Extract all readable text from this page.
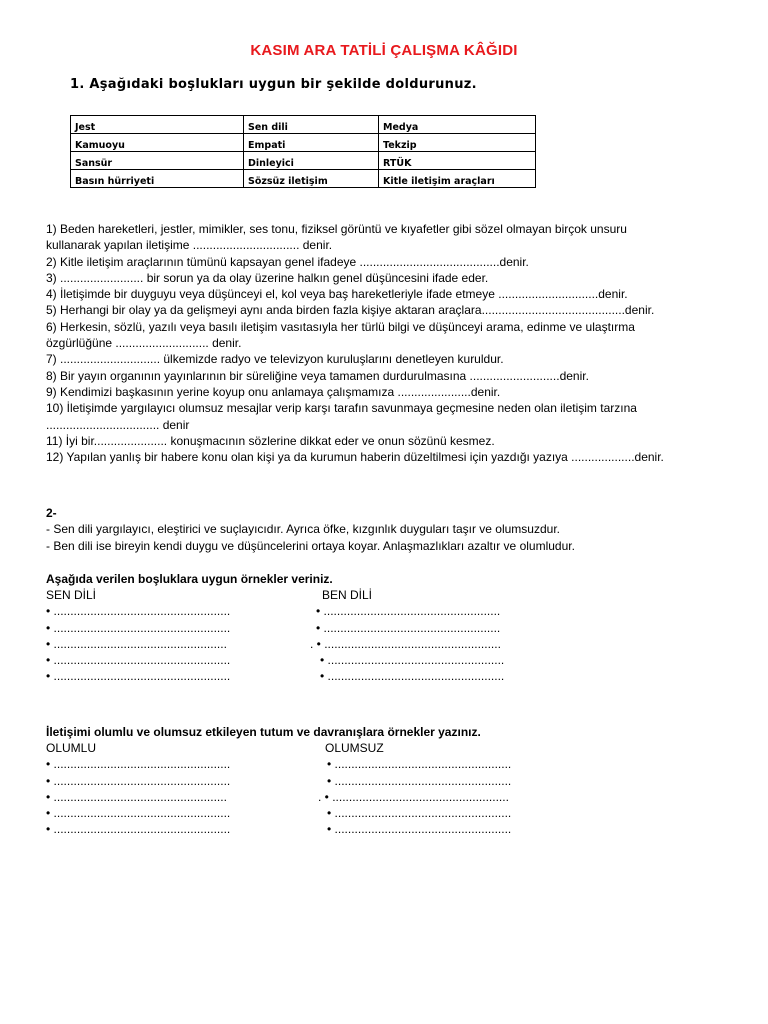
KASIM ARA TATİLİ ÇALIŞMA KÂĞIDI
1. Aşağıdaki boşlukları uygun bir şekilde doldurunuz.
Jest	Sen dili	Medya
Kamuoyu	Empati	Tekzip
Sansür	Dinleyici	RTÜK
Basın hürriyeti	Sözsüz iletişim	Kitle iletişim araçları
1) Beden hareketleri, jestler, mimikler, ses tonu, fiziksel görüntü ve kıyafetler gibi sözel olmayan birçok unsuru
kullanarak yapılan iletişime ................................ denir.
2) Kitle iletişim araçlarının tümünü kapsayan genel ifadeye ..........................................denir.
3) ......................... bir sorun ya da olay üzerine halkın genel düşüncesini ifade eder.
4) İletişimde bir duyguyu veya düşünceyi el, kol veya baş hareketleriyle ifade etmeye ..............................denir.
5) Herhangi bir olay ya da gelişmeyi aynı anda birden fazla kişiye aktaran araçlara...........................................denir.
6) Herkesin, sözlü, yazılı veya basılı iletişim vasıtasıyla her türlü bilgi ve düşünceyi arama, edinme ve ulaştırma
özgürlüğüne ............................ denir.
7) .............................. ülkemizde radyo ve televizyon kuruluşlarını denetleyen kuruldur.
8) Bir yayın organının yayınlarının bir süreliğine veya tamamen durdurulmasına ...........................denir.
9) Kendimizi başkasının yerine koyup onu anlamaya çalışmamıza ......................denir.
10) İletişimde yargılayıcı olumsuz mesajlar verip karşı tarafın savunmaya geçmesine neden olan iletişim tarzına
.................................. denir
11) İyi bir...................... konuşmacının sözlerine dikkat eder ve onun sözünü kesmez.
12) Yapılan yanlış bir habere konu olan kişi ya da kurumun haberin düzeltilmesi için yazdığı yazıya ...................denir.
2-
- Sen dili yargılayıcı, eleştirici ve suçlayıcıdır. Ayrıca öfke, kızgınlık duyguları taşır ve olumsuzdur.
- Ben dili ise bireyin kendi duygu ve düşüncelerini ortaya koyar. Anlaşmazlıkları azaltır ve olumludur.
Aşağıda verilen boşluklara uygun örnekler veriniz.
SEN DİLİ
• .....................................................
• .....................................................
• ....................................................
• .....................................................
• .....................................................
BEN DİLİ
• .....................................................
• .....................................................
. • .....................................................
• .....................................................
• .....................................................
İletişimi olumlu ve olumsuz etkileyen tutum ve davranışlara örnekler yazınız.
OLUMLU
• .....................................................
• .....................................................
• ....................................................
• .....................................................
• .....................................................
OLUMSUZ
• .....................................................
• .....................................................
. • .....................................................
• .....................................................
• .....................................................
